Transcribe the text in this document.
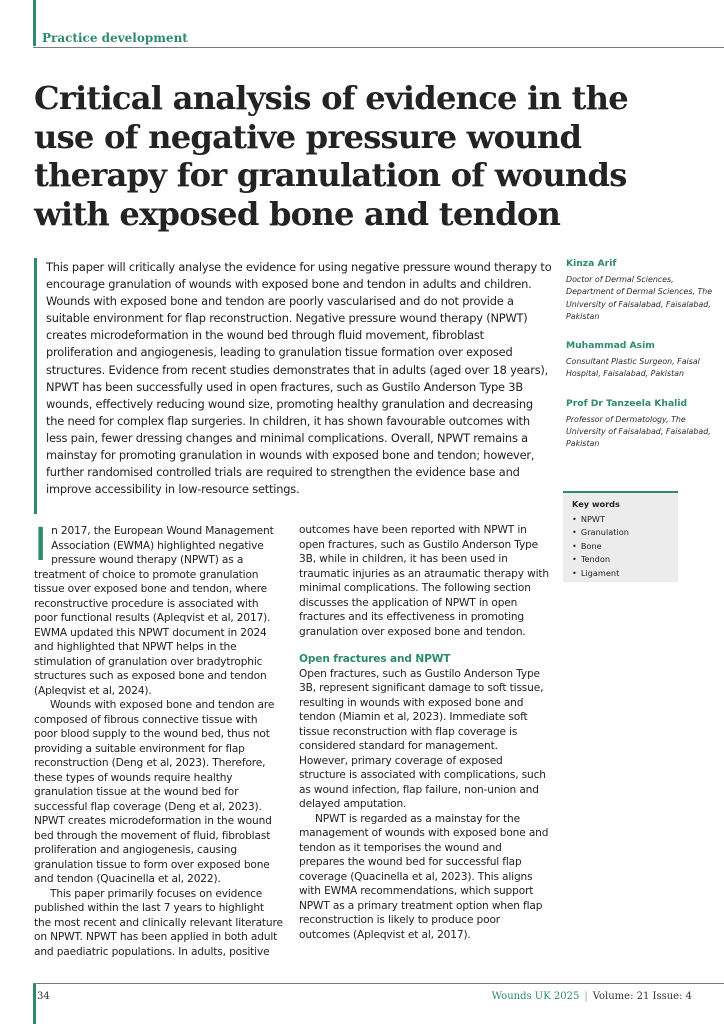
Practice development
Critical analysis of evidence in the use of negative pressure wound therapy for granulation of wounds with exposed bone and tendon

This paper will critically analyse the evidence for using negative pressure wound therapy to encourage granulation of wounds with exposed bone and tendon in adults and children. Wounds with exposed bone and tendon are poorly vascularised and do not provide a suitable environment for flap reconstruction. Negative pressure wound therapy (NPWT) creates microdeformation in the wound bed through fluid movement, fibroblast proliferation and angiogenesis, leading to granulation tissue formation over exposed structures. Evidence from recent studies demonstrates that in adults (aged over 18 years), NPWT has been successfully used in open fractures, such as Gustilo Anderson Type 3B wounds, effectively reducing wound size, promoting healthy granulation and decreasing the need for complex flap surgeries. In children, it has shown favourable outcomes with less pain, fewer dressing changes and minimal complications. Overall, NPWT remains a mainstay for promoting granulation in wounds with exposed bone and tendon; however, further randomised controlled trials are required to strengthen the evidence base and improve accessibility in low-resource settings.

Kinza Arif
Doctor of Dermal Sciences, Department of Dermal Sciences, The University of Faisalabad, Faisalabad, Pakistan
Muhammad Asim
Consultant Plastic Surgeon, Faisal Hospital, Faisalabad, Pakistan
Prof Dr Tanzeela Khalid
Professor of Dermatology, The University of Faisalabad, Faisalabad, Pakistan
Key words
• NPWT
• Granulation
• Bone
• Tendon
• Ligament
I n 2017, the European Wound Management Association (EWMA) highlighted negative pressure wound therapy (NPWT) as a treatment of choice to promote granulation tissue over exposed bone and tendon, where reconstructive procedure is associated with poor functional results (Apleqvist et al, 2017). EWMA updated this NPWT document in 2024 and highlighted that NPWT helps in the stimulation of granulation over bradytrophic structures such as exposed bone and tendon (Apleqvist et al, 2024).

Wounds with exposed bone and tendon are composed of fibrous connective tissue with poor blood supply to the wound bed, thus not providing a suitable environment for flap reconstruction (Deng et al, 2023). Therefore, these types of wounds require healthy granulation tissue at the wound bed for successful flap coverage (Deng et al, 2023). NPWT creates microdeformation in the wound bed through the movement of fluid, fibroblast proliferation and angiogenesis, causing granulation tissue to form over exposed bone and tendon (Quacinella et al, 2022).

This paper primarily focuses on evidence published within the last 7 years to highlight the most recent and clinically relevant literature on NPWT. NPWT has been applied in both adult and paediatric populations. In adults, positive

outcomes have been reported with NPWT in open fractures, such as Gustilo Anderson Type 3B, while in children, it has been used in traumatic injuries as an atraumatic therapy with minimal complications. The following section discusses the application of NPWT in open fractures and its effectiveness in promoting granulation over exposed bone and tendon.

Open fractures and NPWT

Open fractures, such as Gustilo Anderson Type 3B, represent significant damage to soft tissue, resulting in wounds with exposed bone and tendon (Miamin et al, 2023). Immediate soft tissue reconstruction with flap coverage is considered standard for management. However, primary coverage of exposed structure is associated with complications, such as wound infection, flap failure, non-union and delayed amputation.

NPWT is regarded as a mainstay for the management of wounds with exposed bone and tendon as it temporises the wound and prepares the wound bed for successful flap coverage (Quacinella et al, 2023). This aligns with EWMA recommendations, which support NPWT as a primary treatment option when flap reconstruction is likely to produce poor outcomes (Apleqvist et al, 2017).

34	Wounds UK 2025 | Volume: 21 Issue: 4
